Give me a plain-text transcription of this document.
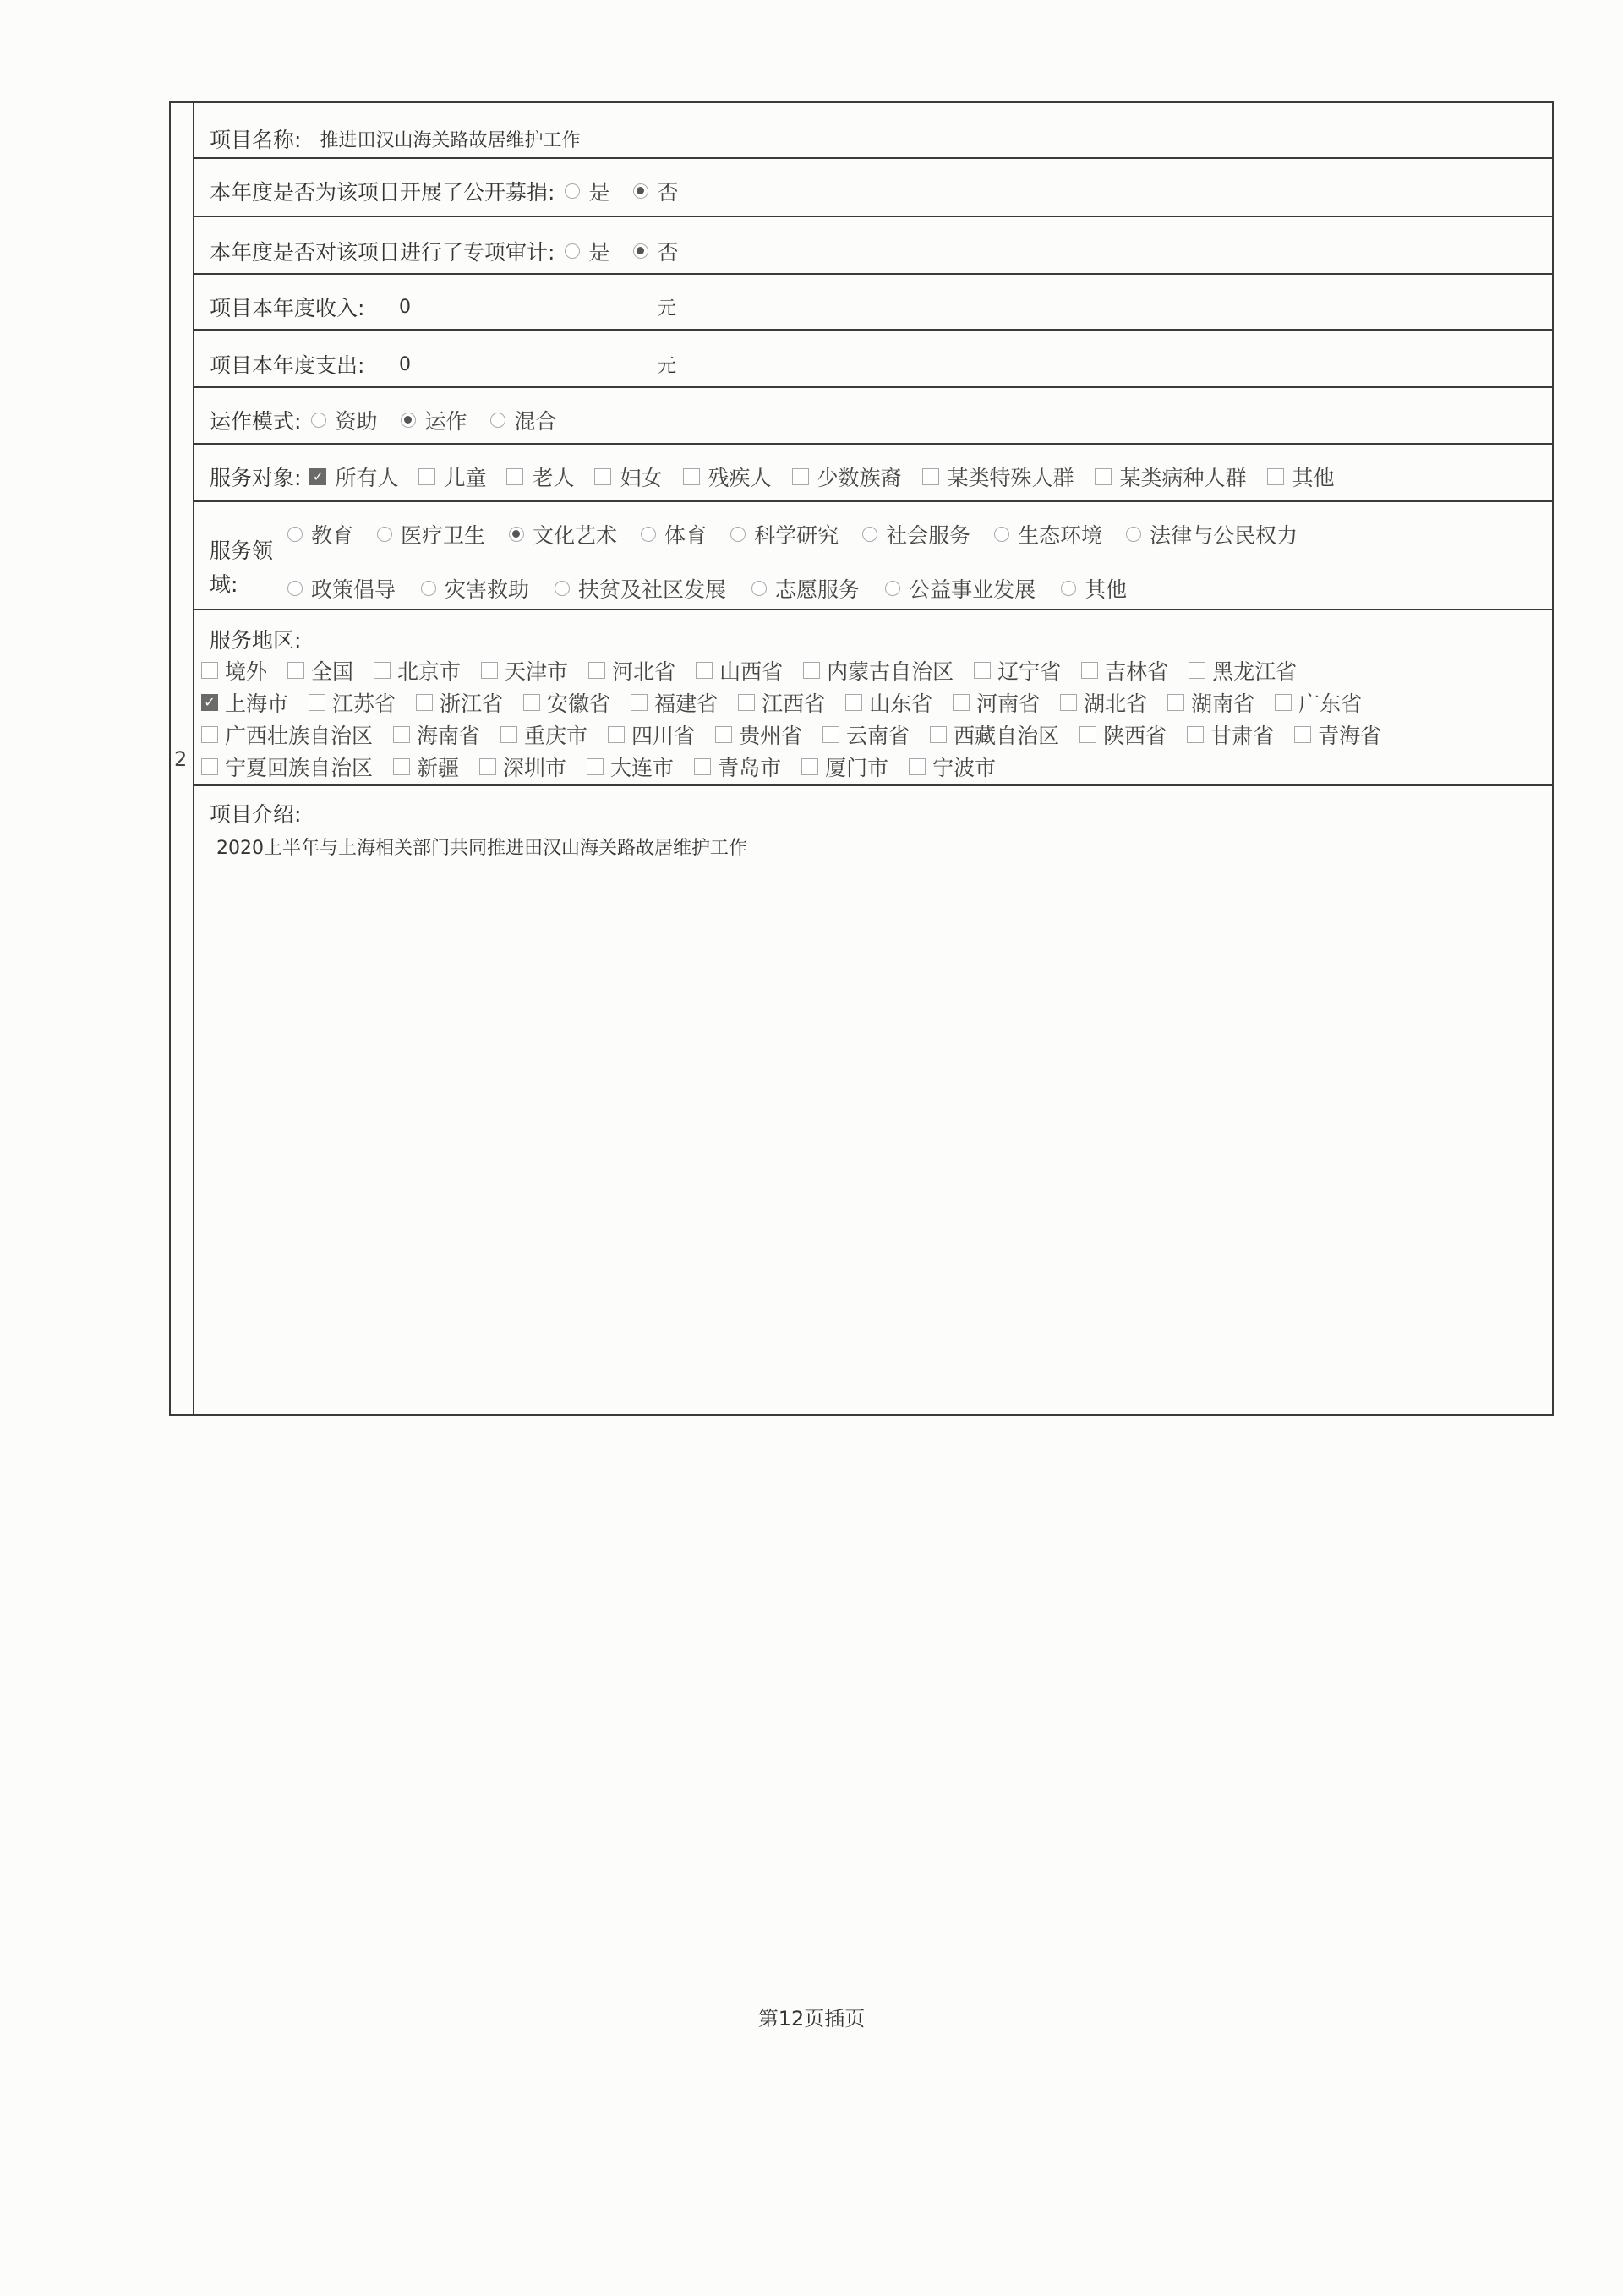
2
项目名称: 推进田汉山海关路故居维护工作
本年度是否为该项目开展了公开募捐: 是 否
本年度是否对该项目进行了专项审计: 是 否
项目本年度收入: 0	元
项目本年度支出: 0	元
运作模式: 资助 运作 混合
服务对象: ✓ 所有人 儿童 老人 妇女 残疾人 少数族裔 某类特殊人群 某类病种人群 其他
服务领
域:
教育 医疗卫生 文化艺术 体育 科学研究 社会服务 生态环境 法律与公民权力
政策倡导 灾害救助 扶贫及社区发展 志愿服务 公益事业发展 其他
服务地区:
境外 全国 北京市 天津市 河北省 山西省 内蒙古自治区 辽宁省 吉林省 黑龙江省
✓ 上海市 江苏省 浙江省 安徽省 福建省 江西省 山东省 河南省 湖北省 湖南省 广东省
广西壮族自治区 海南省 重庆市 四川省 贵州省 云南省 西藏自治区 陕西省 甘肃省 青海省
宁夏回族自治区 新疆 深圳市 大连市 青岛市 厦门市 宁波市
项目介绍:
2020上半年与上海相关部门共同推进田汉山海关路故居维护工作
第12页插页
